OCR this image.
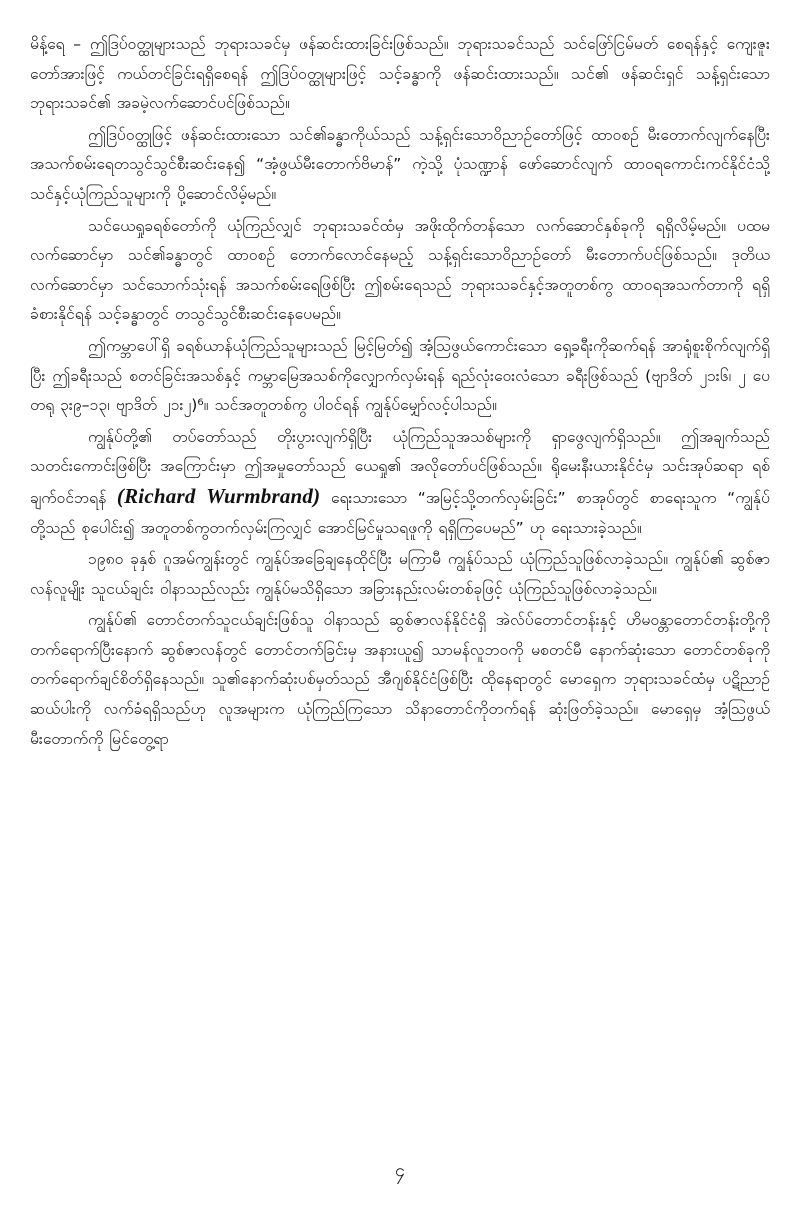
မိန့်ရေ – ဤဒြပ်ဝတ္ထုများသည် ဘုရားသခင်မှ ဖန်ဆင်းထားခြင်းဖြစ်သည်။ ဘုရားသခင်သည် သင်ဖြော်ငြမ်မတ် စေရန်နှင့် ကျေးဇူးတော်အားဖြင့် ကယ်တင်ခြင်းရရှိစေရန် ဤဒြပ်ဝတ္ထုများဖြင့် သင့်ခန္ဓာကို ဖန်ဆင်းထားသည်။ သင်၏ ဖန်ဆင်းရှင် သန့်ရှင်းသော ဘုရားသခင်၏ အခမဲ့လက်ဆောင်ပင်ဖြစ်သည်။

ဤဒြပ်ဝတ္ထုဖြင့် ဖန်ဆင်းထားသော သင်၏ခန္ဓာကိုယ်သည် သန့်ရှင်းသောဝိညာဉ်တော်ဖြင့် ထာဝစဉ် မီးတောက်လျက်နေပြီး အသက်စမ်းရေတသွင်သွင်စီးဆင်းနေ၍ “အံ့ဖွယ်မီးတောက်ဗိမာန်” ကဲ့သို့ ပုံသဏ္ဍာန် ဖော်ဆောင်လျက် ထာဝရကောင်းကင်နိုင်ငံသို့ သင်နှင့်ယုံကြည်သူများကို ပို့ဆောင်လိမ့်မည်။

သင်ယေရှုခရစ်တော်ကို ယုံကြည်လျှင် ဘုရားသခင်ထံမှ အဖိုးထိုက်တန်သော လက်ဆောင်နှစ်ခုကို ရရှိလိမ့်မည်။ ပထမလက်ဆောင်မှာ သင်၏ခန္ဓာတွင် ထာဝစဉ် တောက်လောင်နေမည့် သန့်ရှင်းသောဝိညာဉ်တော် မီးတောက်ပင်ဖြစ်သည်။ ဒုတိယလက်ဆောင်မှာ သင်သောက်သုံးရန် အသက်စမ်းရေဖြစ်ပြီး ဤစမ်းရေသည် ဘုရားသခင်နှင့်အတူတစ်ကွ ထာဝရအသက်တာကို ရရှိခံစားနိုင်ရန် သင့်ခန္ဓာတွင် တသွင်သွင်စီးဆင်းနေပေမည်။

ဤကမ္ဘာပေါ်ရှိ ခရစ်ယာန်ယုံကြည်သူများသည် မြင့်မြတ်၍ အံ့ဩဖွယ်ကောင်းသော ရှေ့ခရီးကိုဆက်ရန် အာရုံစူးစိုက်လျက်ရှိပြီး ဤခရီးသည် စတင်ခြင်းအသစ်နှင့် ကမ္ဘာမြေအသစ်ကိုလျှောက်လှမ်းရန် ရည်လုံးဝေးလံသော ခရီးဖြစ်သည် (ဗျာဒိတ် ၂၁း၆၊ ၂ ပေတရု ၃း၉–၁၃၊ ဗျာဒိတ် ၂၁း၂)⁶။ သင်အတူတစ်ကွ ပါဝင်ရန် ကျွန်ုပ်မျှော်လင့်ပါသည်။

ကျွန်ုပ်တို့၏ တပ်တော်သည် တိုးပွားလျက်ရှိပြီး ယုံကြည်သူအသစ်များကို ရှာဖွေလျက်ရှိသည်။ ဤအချက်သည် သတင်းကောင်းဖြစ်ပြီး အကြောင်းမှာ ဤအမှုတော်သည် ယေရှု၏ အလိုတော်ပင်ဖြစ်သည်။ ရိုမေးနီးယားနိုင်ငံမှ သင်းအုပ်ဆရာ ရစ်ချက်ဝင်ဘရန် (Richard Wurmbrand) ရေးသားသော “အမြင့်သို့တက်လှမ်းခြင်း” စာအုပ်တွင် စာရေးသူက “ကျွန်ုပ်တို့သည် စုပေါင်း၍ အတူတစ်ကွတက်လှမ်းကြလျှင် အောင်မြင်မှုသရဖူကို ရရှိကြပေမည်” ဟု ရေးသားခဲ့သည်။

၁၉၈၀ ခုနှစ် ဂူအမ်ကျွန်းတွင် ကျွန်ုပ်အခြေချနေထိုင်ပြီး မကြာမီ ကျွန်ုပ်သည် ယုံကြည်သူဖြစ်လာခဲ့သည်။ ကျွန်ုပ်၏ ဆွစ်ဇာလန်လူမျိုး သူငယ်ချင်း ဝါနာသည်လည်း ကျွန်ုပ်မသိရှိသော အခြားနည်းလမ်းတစ်ခုဖြင့် ယုံကြည်သူဖြစ်လာခဲ့သည်။

ကျွန်ုပ်၏ တောင်တက်သူငယ်ချင်းဖြစ်သူ ဝါနာသည် ဆွစ်ဇာလန်နိုင်ငံရှိ အဲလ်ပ်တောင်တန်းနှင့် ဟိမဝန္တာတောင်တန်းတို့ကို တက်ရောက်ပြီးနောက် ဆွစ်ဇာလန်တွင် တောင်တက်ခြင်းမှ အနားယူ၍ သာမန်လူဘဝကို မစတင်မီ နောက်ဆုံးသော တောင်တစ်ခုကို တက်ရောက်ချင်စိတ်ရှိနေသည်။ သူ၏နောက်ဆုံးပစ်မှတ်သည် အီဂျစ်နိုင်ငံဖြစ်ပြီး ထိုနေရာတွင် မောရှေက ဘုရားသခင်ထံမှ ပဋိညာဉ်ဆယ်ပါးကို လက်ခံရရှိသည်ဟု လူအများက ယုံကြည်ကြသော သိနာတောင်ကိုတက်ရန် ဆုံးဖြတ်ခဲ့သည်။ မောရှေမှ အံ့ဩဖွယ်မီးတောက်ကို မြင်တွေ့ရာ

၄
